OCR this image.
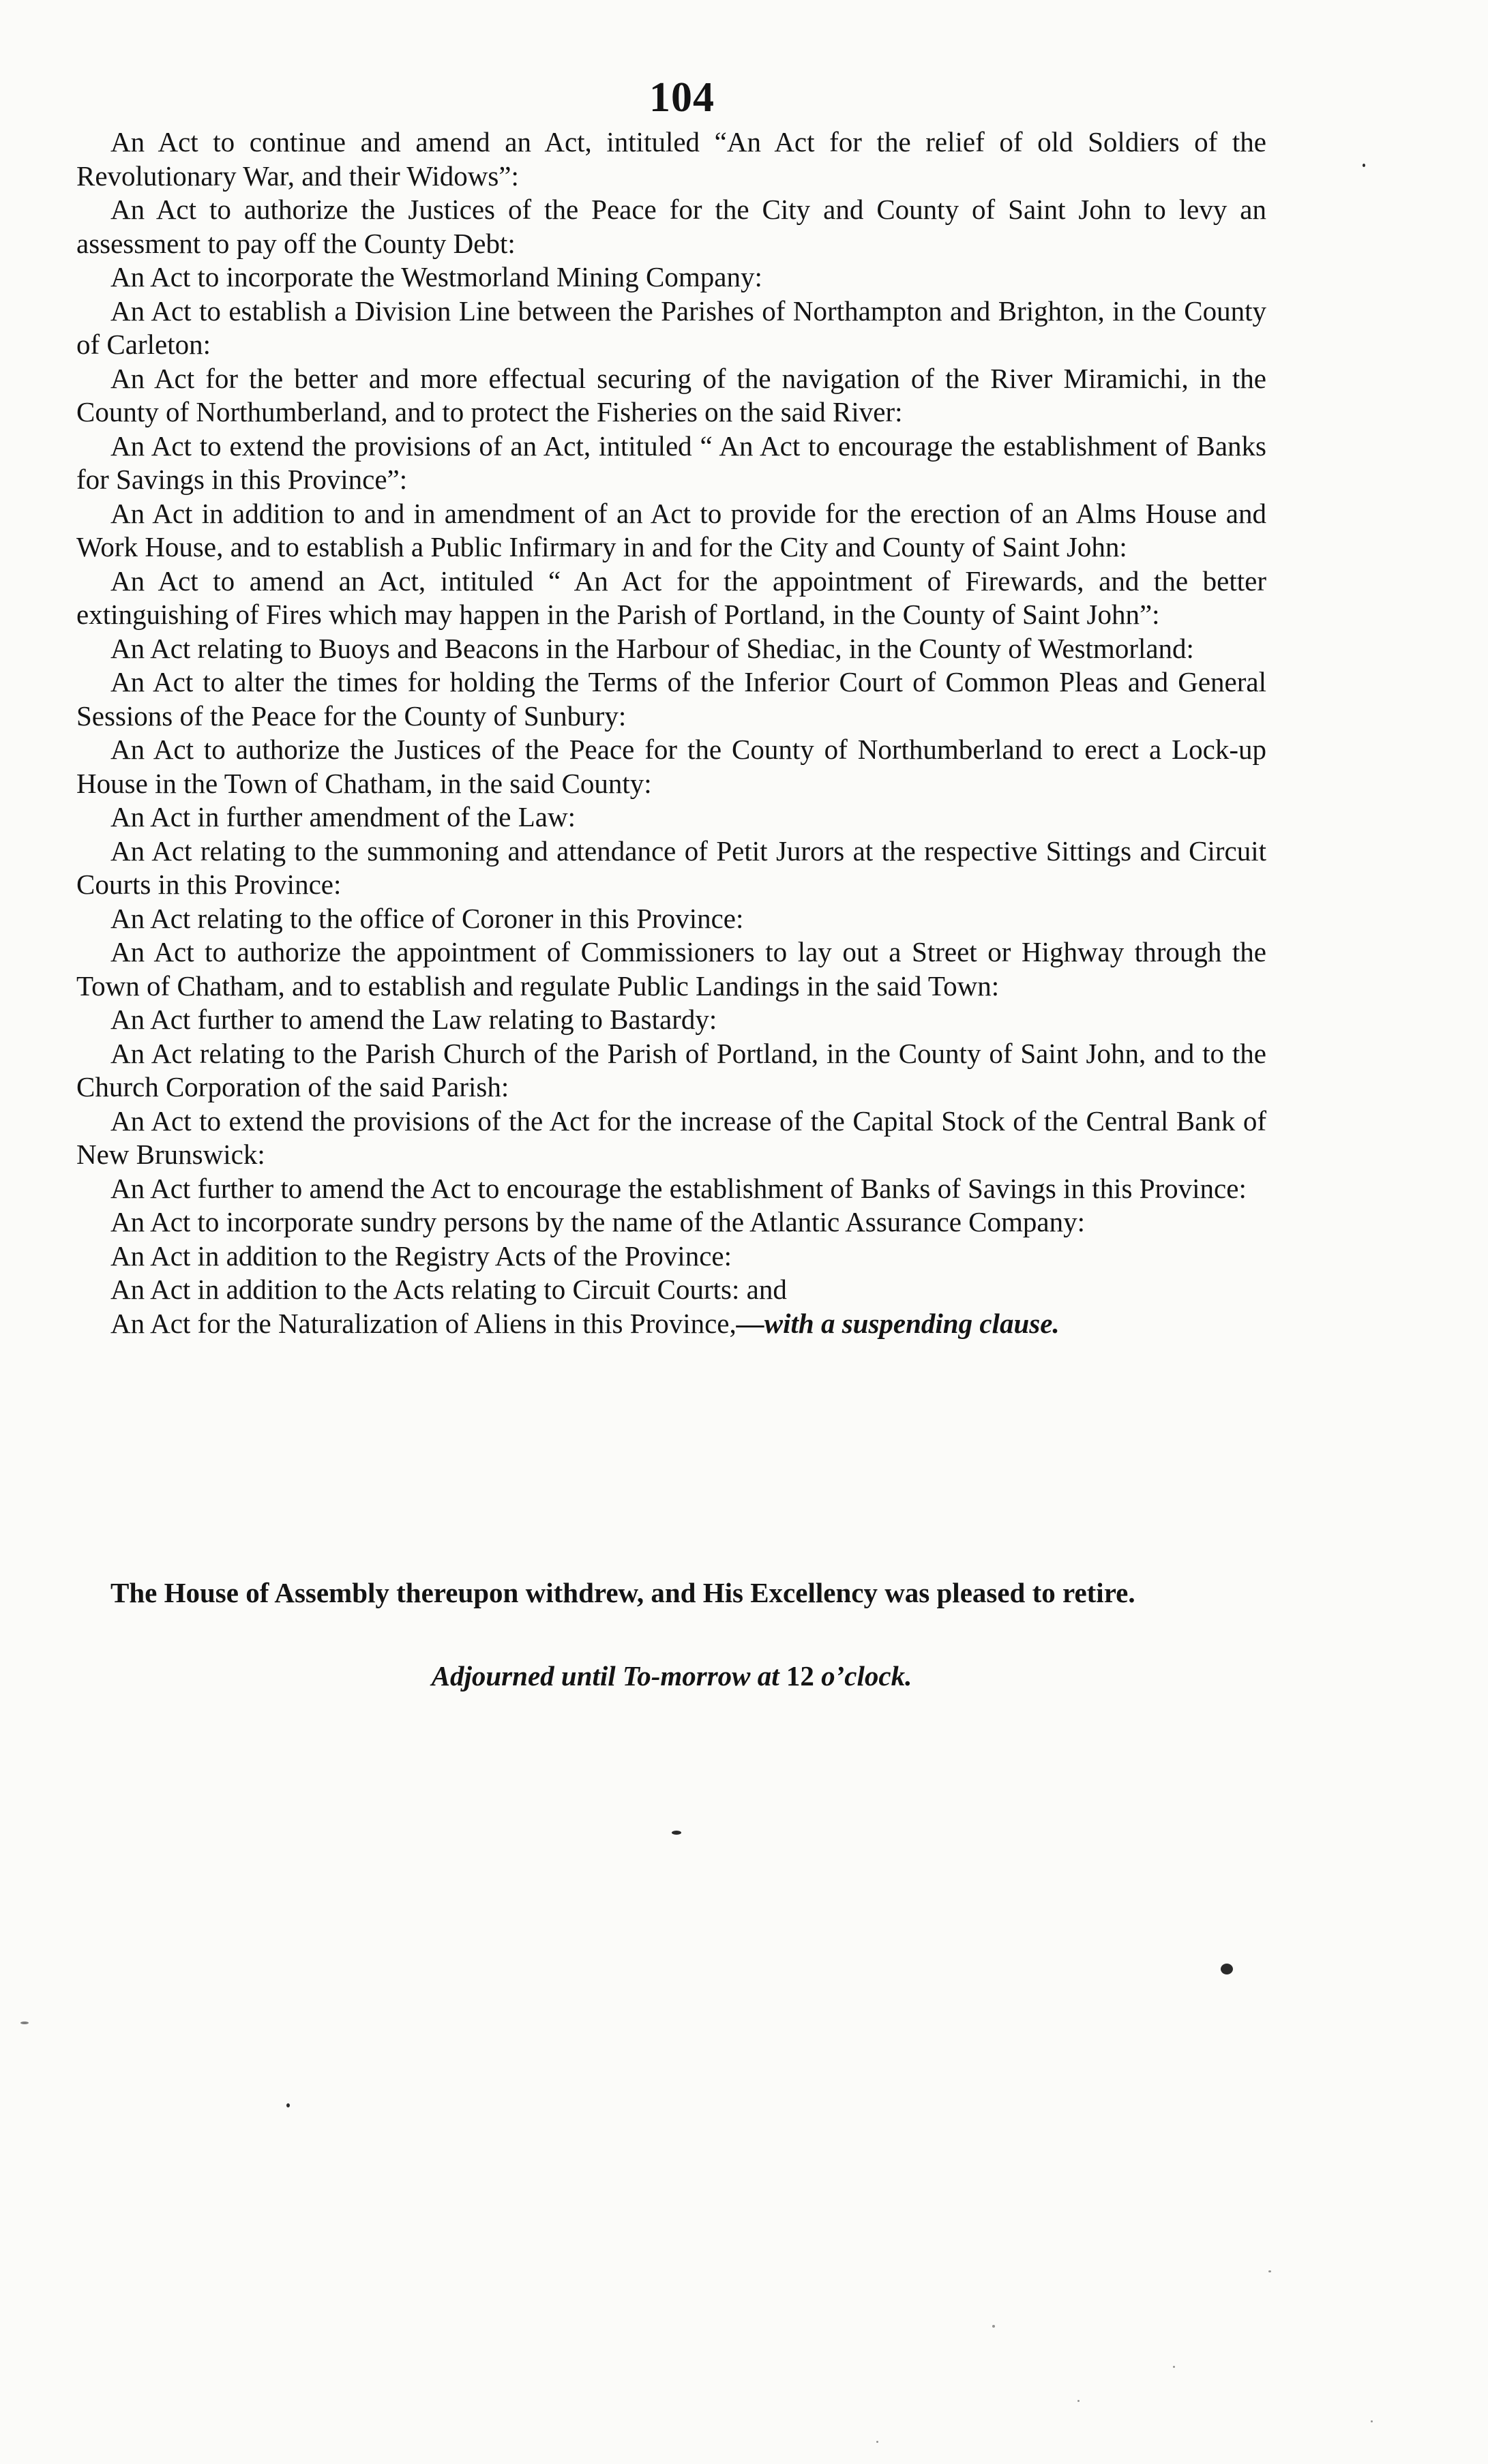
104

An Act to continue and amend an Act, intituled “An Act for the relief of old Soldiers of the Revolutionary War, and their Widows”:

An Act to authorize the Justices of the Peace for the City and County of Saint John to levy an assessment to pay off the County Debt:

An Act to incorporate the Westmorland Mining Company:

An Act to establish a Division Line between the Parishes of Northampton and Brighton, in the County of Carleton:

An Act for the better and more effectual securing of the navigation of the River Miramichi, in the County of Northumberland, and to protect the Fisheries on the said River:

An Act to extend the provisions of an Act, intituled “ An Act to encourage the establishment of Banks for Savings in this Province”:

An Act in addition to and in amendment of an Act to provide for the erection of an Alms House and Work House, and to establish a Public Infirmary in and for the City and County of Saint John:

An Act to amend an Act, intituled “ An Act for the appointment of Firewards, and the better extinguishing of Fires which may happen in the Parish of Portland, in the County of Saint John”:

An Act relating to Buoys and Beacons in the Harbour of Shediac, in the County of Westmorland:

An Act to alter the times for holding the Terms of the Inferior Court of Common Pleas and General Sessions of the Peace for the County of Sunbury:

An Act to authorize the Justices of the Peace for the County of Northumberland to erect a Lock-up House in the Town of Chatham, in the said County:

An Act in further amendment of the Law:

An Act relating to the summoning and attendance of Petit Jurors at the respective Sittings and Circuit Courts in this Province:

An Act relating to the office of Coroner in this Province:

An Act to authorize the appointment of Commissioners to lay out a Street or Highway through the Town of Chatham, and to establish and regulate Public Landings in the said Town:

An Act further to amend the Law relating to Bastardy:

An Act relating to the Parish Church of the Parish of Portland, in the County of Saint John, and to the Church Corporation of the said Parish:

An Act to extend the provisions of the Act for the increase of the Capital Stock of the Central Bank of New Brunswick:

An Act further to amend the Act to encourage the establishment of Banks of Savings in this Province:

An Act to incorporate sundry persons by the name of the Atlantic Assurance Company:

An Act in addition to the Registry Acts of the Province:

An Act in addition to the Acts relating to Circuit Courts: and

An Act for the Naturalization of Aliens in this Province,—with a suspending clause.

The House of Assembly thereupon withdrew, and His Excellency was pleased to retire.

Adjourned until To-morrow at 12 o’clock.
